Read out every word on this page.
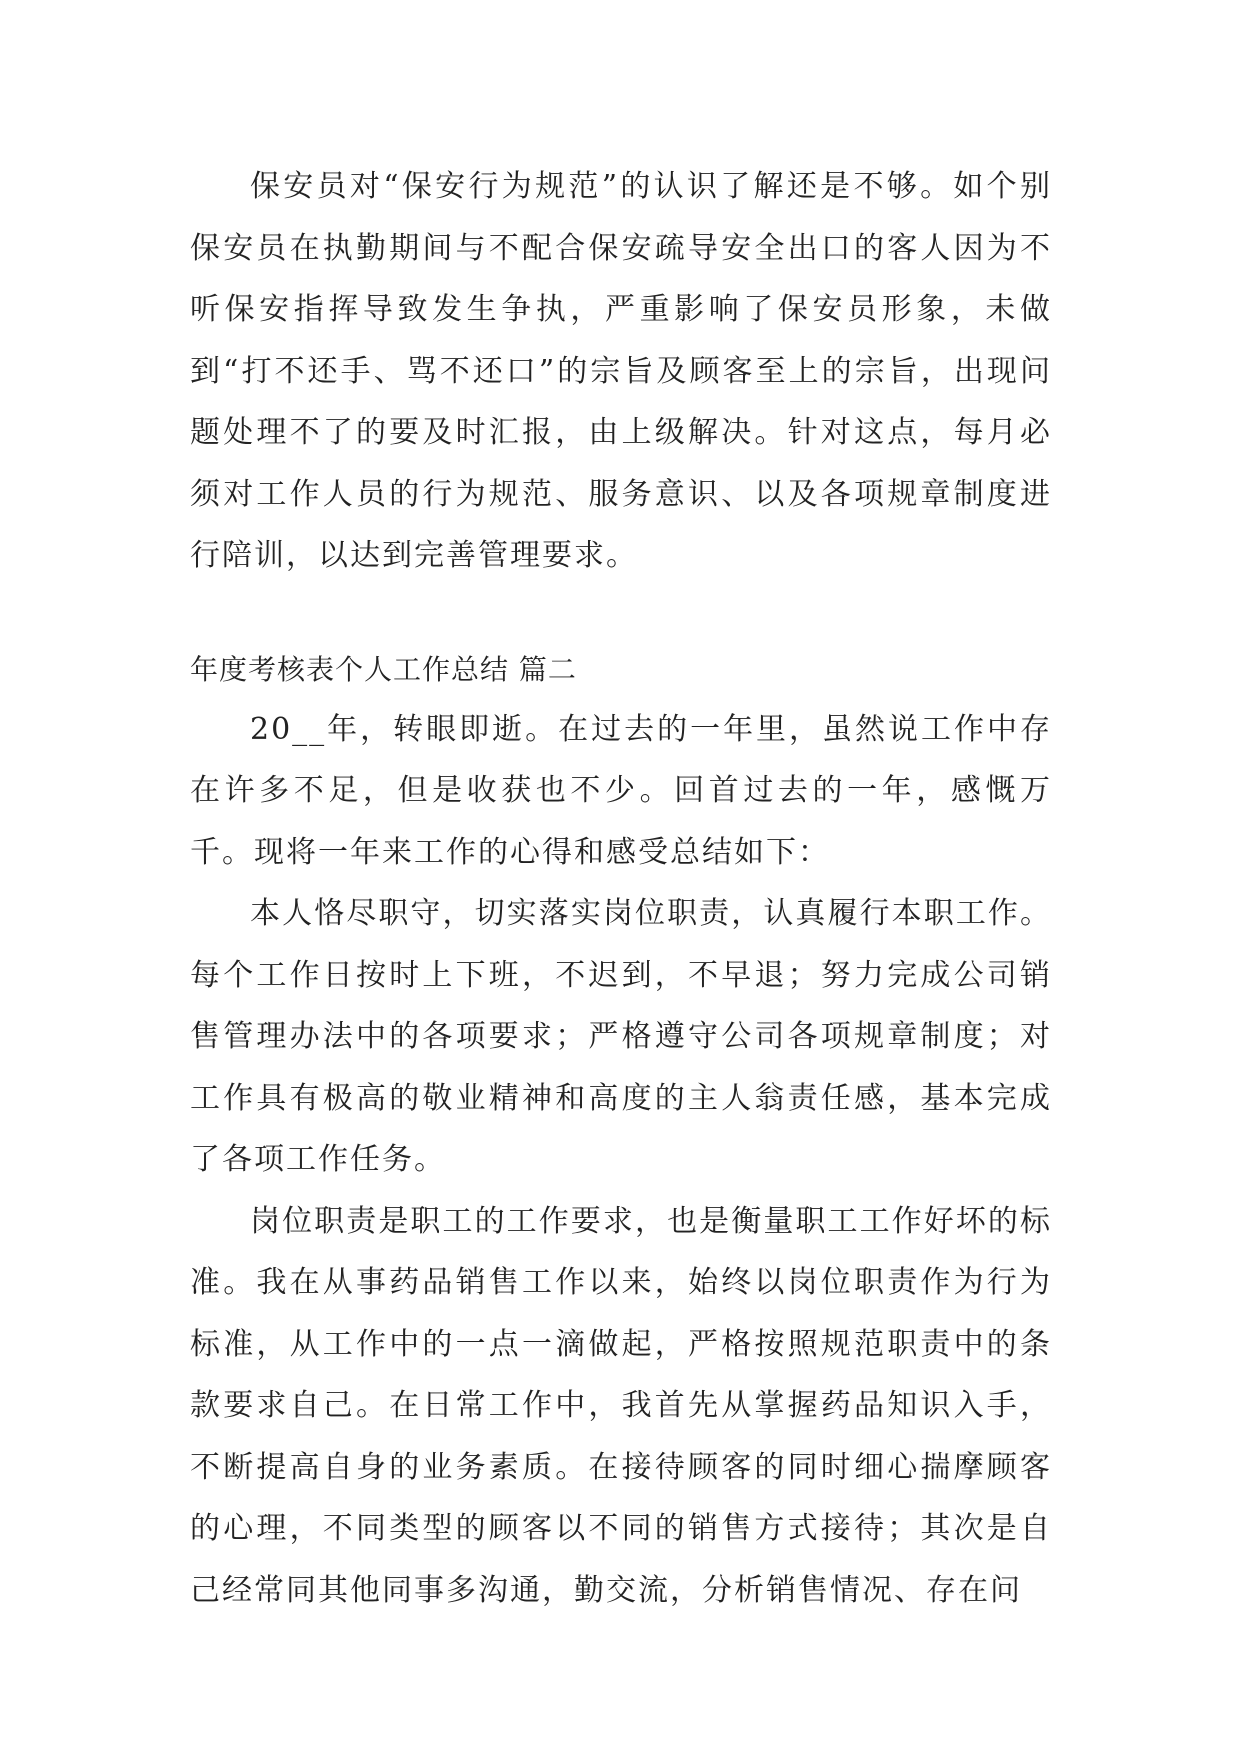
保安员对“保安行为规范”的认识了解还是不够。如个别保安员在执勤期间与不配合保安疏导安全出口的客人因为不听保安指挥导致发生争执，严重影响了保安员形象，未做到“打不还手、骂不还口”的宗旨及顾客至上的宗旨，出现问题处理不了的要及时汇报，由上级解决。针对这点，每月必须对工作人员的行为规范、服务意识、以及各项规章制度进行陪训，以达到完善管理要求。

年度考核表个人工作总结 篇二

20__年，转眼即逝。在过去的一年里，虽然说工作中存在许多不足，但是收获也不少。回首过去的一年，感慨万千。现将一年来工作的心得和感受总结如下：

本人恪尽职守，切实落实岗位职责，认真履行本职工作。每个工作日按时上下班，不迟到，不早退；努力完成公司销售管理办法中的各项要求；严格遵守公司各项规章制度；对工作具有极高的敬业精神和高度的主人翁责任感，基本完成了各项工作任务。

岗位职责是职工的工作要求，也是衡量职工工作好坏的标准。我在从事药品销售工作以来，始终以岗位职责作为行为标准，从工作中的一点一滴做起，严格按照规范职责中的条款要求自己。在日常工作中，我首先从掌握药品知识入手，不断提高自身的业务素质。在接待顾客的同时细心揣摩顾客的心理，不同类型的顾客以不同的销售方式接待；其次是自己经常同其他同事多沟通，勤交流，分析销售情况、存在问
